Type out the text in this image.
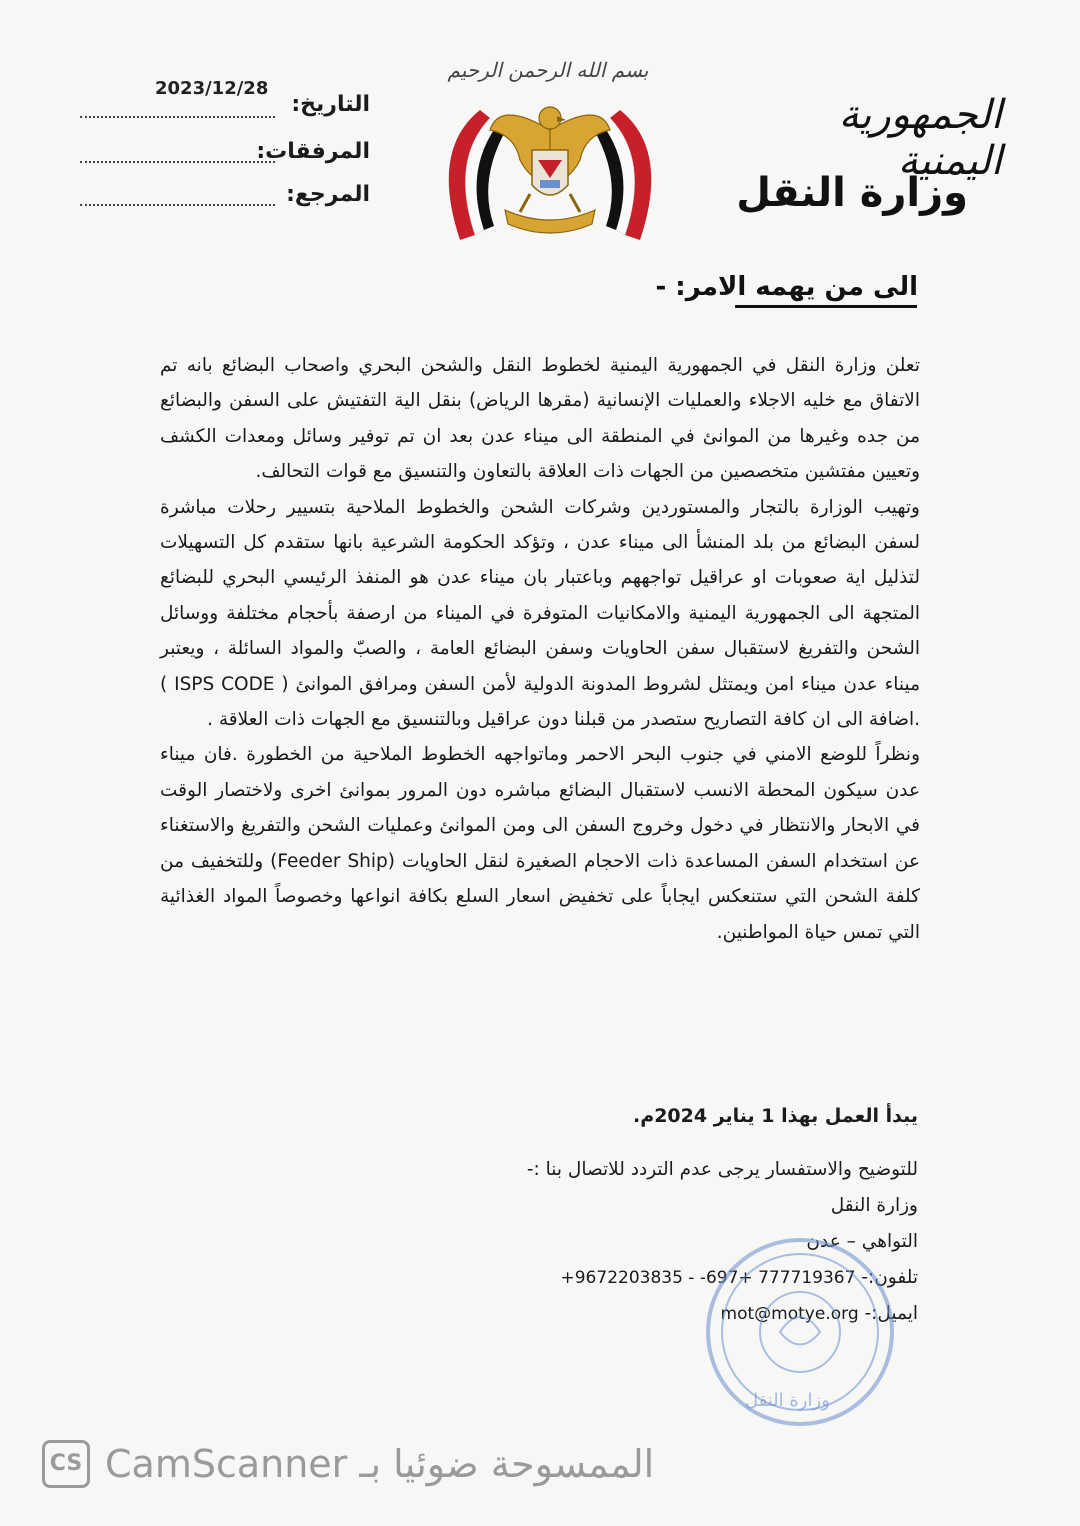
الجمهورية اليمنية
وزارة النقل
بسم الله الرحمن الرحيم
2023/12/28
التاريخ:
المرفقات:
المرجع:
الى من يهمه الامر: -

تعلن وزارة النقل في الجمهورية اليمنية لخطوط النقل والشحن البحري واصحاب البضائع بانه تم الاتفاق مع خليه الاجلاء والعمليات الإنسانية (مقرها الرياض) بنقل الية التفتيش على السفن والبضائع من جده وغيرها من الموانئ في المنطقة الى ميناء عدن بعد ان تم توفير وسائل ومعدات الكشف وتعيين مفتشين متخصصين من الجهات ذات العلاقة بالتعاون والتنسيق مع قوات التحالف.

وتهيب الوزارة بالتجار والمستوردين وشركات الشحن والخطوط الملاحية بتسيير رحلات مباشرة لسفن البضائع من بلد المنشأ الى ميناء عدن ، وتؤكد الحكومة الشرعية بانها ستقدم كل التسهيلات لتذليل اية صعوبات او عراقيل تواجههم وباعتبار بان ميناء عدن هو المنفذ الرئيسي البحري للبضائع المتجهة الى الجمهورية اليمنية والامكانيات المتوفرة في الميناء من ارصفة بأحجام مختلفة ووسائل الشحن والتفريغ لاستقبال سفن الحاويات وسفن البضائع العامة ، والصبّ والمواد السائلة ، ويعتبر ميناء عدن ميناء امن ويمتثل لشروط المدونة الدولية لأمن السفن ومرافق الموانئ ( ISPS CODE ) .اضافة الى ان كافة التصاريح ستصدر من قبلنا دون عراقيل وبالتنسيق مع الجهات ذات العلاقة .

ونظراً للوضع الامني في جنوب البحر الاحمر وماتواجهه الخطوط الملاحية من الخطورة .فان ميناء عدن سيكون المحطة الانسب لاستقبال البضائع مباشره دون المرور بموانئ اخرى ولاختصار الوقت في الابحار والانتظار في دخول وخروج السفن الى ومن الموانئ وعمليات الشحن والتفريغ والاستغناء عن استخدام السفن المساعدة ذات الاحجام الصغيرة لنقل الحاويات (Feeder Ship) وللتخفيف من كلفة الشحن التي ستنعكس ايجاباً على تخفيض اسعار السلع بكافة انواعها وخصوصاً المواد الغذائية التي تمس حياة المواطنين.

يبدأ العمل بهذا 1 يناير 2024م.
للتوضيح والاستفسار يرجى عدم التردد للاتصال بنا :-
وزارة النقل
التواهي – عدن
تلفون:- +9672203835 - -697+ 777719367
ايميل:- mot@motye.org
وزارة النقل
CS CamScanner الممسوحة ضوئيا بـ
